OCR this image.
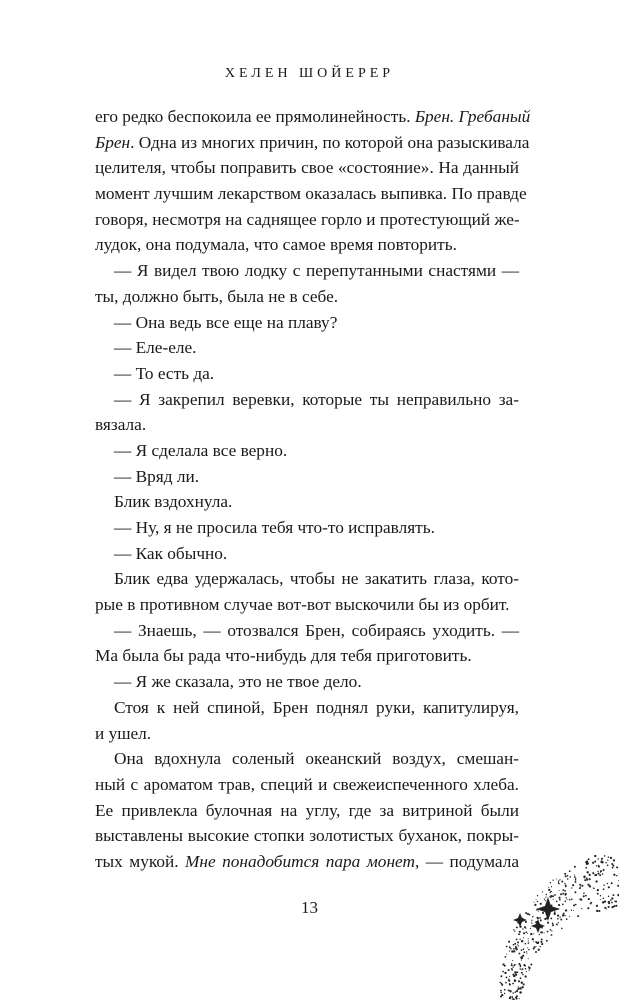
ХЕЛЕН ШОЙЕРЕР
его редко беспокоила ее прямолинейность. Брен. Гребаный
Брен. Одна из многих причин, по которой она разыскивала
целителя, чтобы поправить свое «состояние». На данный
момент лучшим лекарством оказалась выпивка. По правде
говоря, несмотря на саднящее горло и протестующий же-
лудок, она подумала, что самое время повторить.
— Я видел твою лодку с перепутанными снастями —
ты, должно быть, была не в себе.
— Она ведь все еще на плаву?
— Еле-еле.
— То есть да.
— Я закрепил веревки, которые ты неправильно за-
вязала.
— Я сделала все верно.
— Вряд ли.
Блик вздохнула.
— Ну, я не просила тебя что-то исправлять.
— Как обычно.
Блик едва удержалась, чтобы не закатить глаза, кото-
рые в противном случае вот-вот выскочили бы из орбит.
— Знаешь, — отозвался Брен, собираясь уходить. —
Ма была бы рада что-нибудь для тебя приготовить.
— Я же сказала, это не твое дело.
Стоя к ней спиной, Брен поднял руки, капитулируя,
и ушел.
Она вдохнула соленый океанский воздух, смешан-
ный с ароматом трав, специй и свежеиспеченного хлеба.
Ее привлекла булочная на углу, где за витриной были
выставлены высокие стопки золотистых буханок, покры-
тых мукой. Мне понадобится пара монет, — подумала
13
